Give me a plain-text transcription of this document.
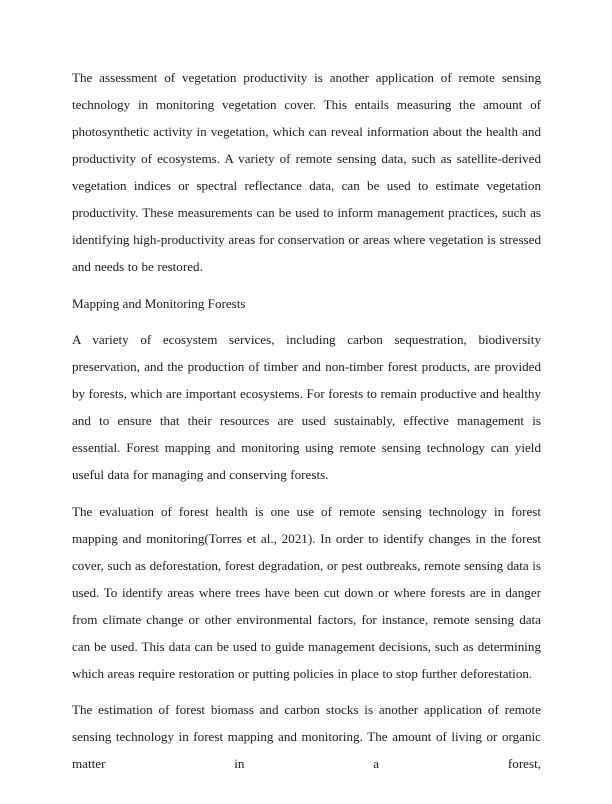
The assessment of vegetation productivity is another application of remote sensing technology in monitoring vegetation cover. This entails measuring the amount of photosynthetic activity in vegetation, which can reveal information about the health and productivity of ecosystems. A variety of remote sensing data, such as satellite-derived vegetation indices or spectral reflectance data, can be used to estimate vegetation productivity. These measurements can be used to inform management practices, such as identifying high-productivity areas for conservation or areas where vegetation is stressed and needs to be restored.

Mapping and Monitoring Forests

A variety of ecosystem services, including carbon sequestration, biodiversity preservation, and the production of timber and non-timber forest products, are provided by forests, which are important ecosystems. For forests to remain productive and healthy and to ensure that their resources are used sustainably, effective management is essential. Forest mapping and monitoring using remote sensing technology can yield useful data for managing and conserving forests.

The evaluation of forest health is one use of remote sensing technology in forest mapping and monitoring(Torres et al., 2021). In order to identify changes in the forest cover, such as deforestation, forest degradation, or pest outbreaks, remote sensing data is used. To identify areas where trees have been cut down or where forests are in danger from climate change or other environmental factors, for instance, remote sensing data can be used. This data can be used to guide management decisions, such as determining which areas require restoration or putting policies in place to stop further deforestation.

The estimation of forest biomass and carbon stocks is another application of remote sensing technology in forest mapping and monitoring. The amount of living or organic matter in a forest,
